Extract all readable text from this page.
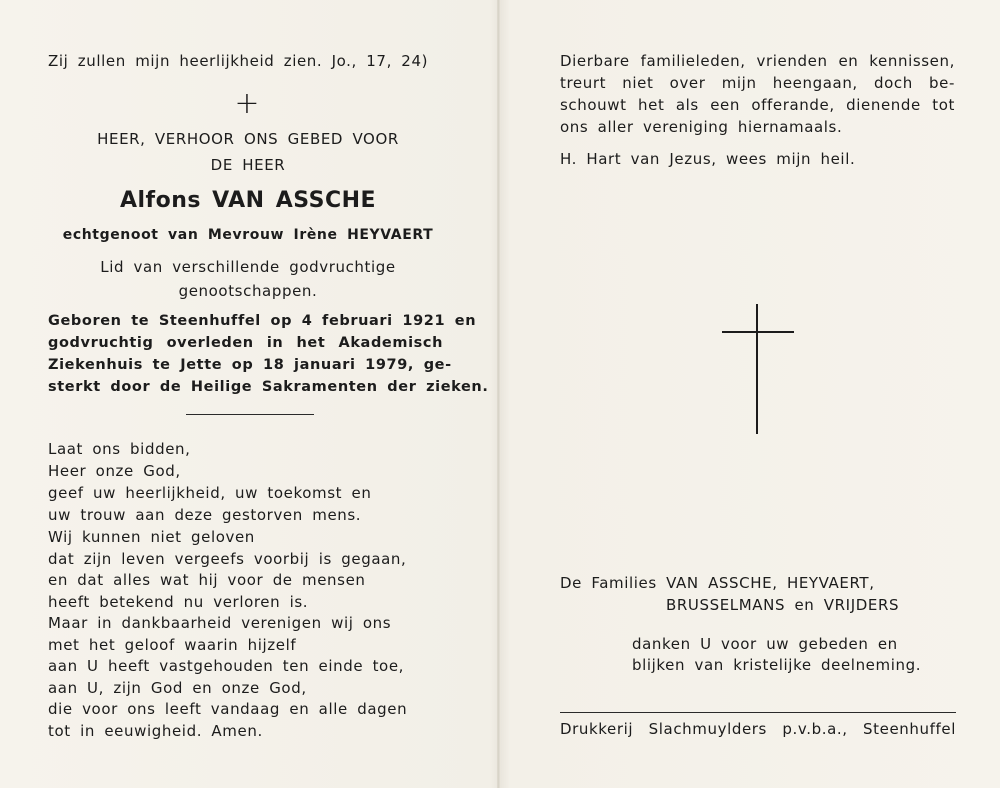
Zij zullen mijn heerlijkheid zien. Jo., 17, 24)
+
HEER, VERHOOR ONS GEBED VOOR
DE HEER
Alfons VAN ASSCHE
echtgenoot van Mevrouw Irène HEYVAERT
Lid van verschillende godvruchtige
genootschappen.
Geboren te Steenhuffel op 4 februari 1921 en
godvruchtig overleden in het Akademisch
Ziekenhuis te Jette op 18 januari 1979, ge-
sterkt door de Heilige Sakramenten der zieken.
Laat ons bidden,
Heer onze God,
geef uw heerlijkheid, uw toekomst en
uw trouw aan deze gestorven mens.
Wij kunnen niet geloven
dat zijn leven vergeefs voorbij is gegaan,
en dat alles wat hij voor de mensen
heeft betekend nu verloren is.
Maar in dankbaarheid verenigen wij ons
met het geloof waarin hijzelf
aan U heeft vastgehouden ten einde toe,
aan U, zijn God en onze God,
die voor ons leeft vandaag en alle dagen
tot in eeuwigheid. Amen.
Dierbare familieleden, vrienden en kennissen,
treurt niet over mijn heengaan, doch be-
schouwt het als een offerande, dienende tot
ons aller vereniging hiernamaals.
H. Hart van Jezus, wees mijn heil.
De Families VAN ASSCHE, HEYVAERT,
BRUSSELMANS en VRIJDERS
danken U voor uw gebeden en
blijken van kristelijke deelneming.
Drukkerij Slachmuylders p.v.b.a., Steenhuffel
